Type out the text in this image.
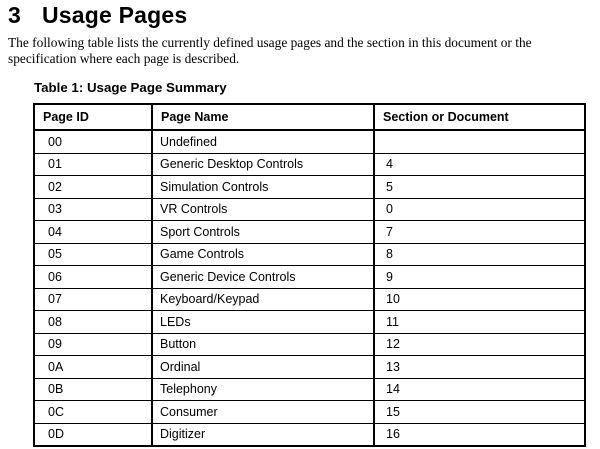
3 Usage Pages

The following table lists the currently defined usage pages and the section in this document or the specification where each page is described.

Table 1: Usage Page Summary

Page ID	Page Name	Section or Document
00	Undefined	
01	Generic Desktop Controls	4
02	Simulation Controls	5
03	VR Controls	0
04	Sport Controls	7
05	Game Controls	8
06	Generic Device Controls	9
07	Keyboard/Keypad	10
08	LEDs	11
09	Button	12
0A	Ordinal	13
0B	Telephony	14
0C	Consumer	15
0D	Digitizer	16
